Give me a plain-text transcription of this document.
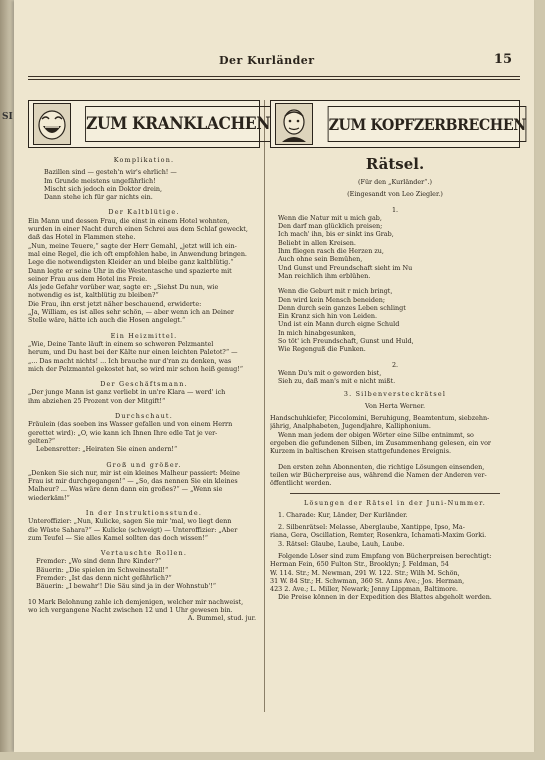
SI
Der Kurländer	15
ZUM KRANKLACHEN
Komplikation.
Bazillen sind — gesteh'n wir's ehrlich! —
Im Grunde meistens ungefährlich!
Mischt sich jedoch ein Doktor drein,
Dann stehe ich für gar nichts ein.
Der Kaltblütige.
Ein Mann und dessen Frau, die einst in einem Hotel wohnten,
wurden in einer Nacht durch einen Schrei aus dem Schlaf geweckt,
daß das Hotel in Flammen stehe.
„Nun, meine Teuere,“ sagte der Herr Gemahl, „jetzt will ich ein-
mal eine Regel, die ich oft empfohlen habe, in Anwendung bringen.
Lege die notwendigsten Kleider an und bleibe ganz kaltblütig.“
Dann legte er seine Uhr in die Westentasche und spazierte mit
seiner Frau aus dem Hotel ins Freie.
Als jede Gefahr vorüber war, sagte er: „Siehst Du nun, wie
notwendig es ist, kaltblütig zu bleiben?“
Die Frau, ihn erst jetzt näher beschauend, erwiderte:
„Ja, William, es ist alles sehr schön, — aber wenn ich an Deiner
Stelle wäre, hätte ich auch die Hosen angelegt.“
Ein Heizmittel.
„Wie, Deine Tante läuft in einem so schweren Pelzmantel
herum, und Du hast bei der Kälte nur einen leichten Paletot?“ —
„... Das macht nichts! ... Ich brauche nur d'ran zu denken, was
mich der Pelzmantel gekostet hat, so wird mir schon heiß genug!“
Der Geschäftsmann.
„Der junge Mann ist ganz verliebt in un're Klara — werd' ich
ihm abziehen 25 Prozent von der Mitgift!“
Durchschaut.
Fräulein (das soeben ins Wasser gefallen und von einem Herrn
gerettet wird): „O, wie kann ich Ihnen Ihre edle Tat je ver-
gelten?“
Lebensretter: „Heiraten Sie einen andern!“
Groß und größer.
„Denken Sie sich nur, mir ist ein kleines Malheur passiert: Meine
Frau ist mir durchgegangen!“ — „So, das nennen Sie ein kleines
Malheur? ... Was wäre denn dann ein großes?“ — „Wenn sie
wiederkäm!“
In der Instruktionsstunde.
Unteroffizier: „Nun, Kulicke, sagen Sie mir 'mal, wo liegt denn
die Wüste Sahara?“ — Kulicke (schweigt) — Unteroffizier: „Aber
zum Teufel — Sie alles Kamel sollten das doch wissen!“
Vertauschte Rollen.
Fremder: „Wo sind denn Ihre Kinder?“
Bäuerin: „Die spielen im Schweinestall!“
Fremder: „Ist das denn nicht gefährlich?“
Bäuerin: „I bewahr'! Die Säu sind ja in der Wohnstub'!“
10 Mark Belohnung zahle ich demjenigen, welcher mir nachweist,
wo ich vergangene Nacht zwischen 12 und 1 Uhr gewesen bin.
A. Bummel, stud. jur.
ZUM KOPFZERBRECHEN
Rätsel.
(Für den „Kurländer“.)
(Eingesandt von Leo Ziegler.)
1.
Wenn die Natur mit u mich gab,
Den darf man glücklich preisen;
Ich mach' ihn, bis er sinkt ins Grab,
Beliebt in allen Kreisen.
Ihm fliegen rasch die Herzen zu,
Auch ohne sein Bemühen,
Und Gunst und Freundschaft sieht im Nu
Man reichlich ihm erblühen.
Wenn die Geburt mit r mich bringt,
Den wird kein Mensch beneiden;
Denn durch sein ganzes Leben schlingt
Ein Kranz sich hin von Leiden.
Und ist ein Mann durch eigne Schuld
In mich hinabgesunken,
So töt' ich Freundschaft, Gunst und Huld,
Wie Regenguß die Funken.
2.
Wenn Du's mit o geworden bist,
Sieh zu, daß man's mit e nicht mißt.
3. Silbenversteckrätsel
Von Herta Werner.
Handschuhkiefer, Piccolomini, Beruhigung, Beamtentum, siebzehn-
jährig, Analphabeten, Jugendjahre, Kalliphonium.
Wenn man jedem der obigen Wörter eine Silbe entnimmt, so
ergeben die gefundenen Silben, im Zusammenhang gelesen, ein vor
Kurzem in baltischen Kreisen stattgefundenes Ereignis.
Den ersten zehn Abonnenten, die richtige Lösungen einsenden,
teilen wir Bücherpreise aus, während die Namen der Anderen ver-
öffentlicht werden.
Lösungen der Rätsel in der Juni-Nummer.
1. Charade: Kur, Länder, Der Kurländer.
2. Silbenrätsel: Melasse, Aberglaube, Xantippe, Ipso, Ma-
riana, Gera, Oscillation, Remter, Rosenkra, Ichamati-Maxim Gorki.
3. Rätsel: Glaube, Laube, Lauh, Laube.
Folgende Löser sind zum Empfang von Bücherpreisen berechtigt:
Herman Fein, 650 Fulton Str., Brooklyn; J. Feldman, 54
W. 114. Str.; M. Newman, 291 W. 122. Str.; Wilh M. Schön,
31 W. 84 Str.; H. Schwman, 360 St. Anns Ave.; Jos. Herman,
423 2. Ave.; L. Miller, Newark; Jenny Lippman, Baltimore.
Die Preise können in der Expedition des Blattes abgeholt werden.
